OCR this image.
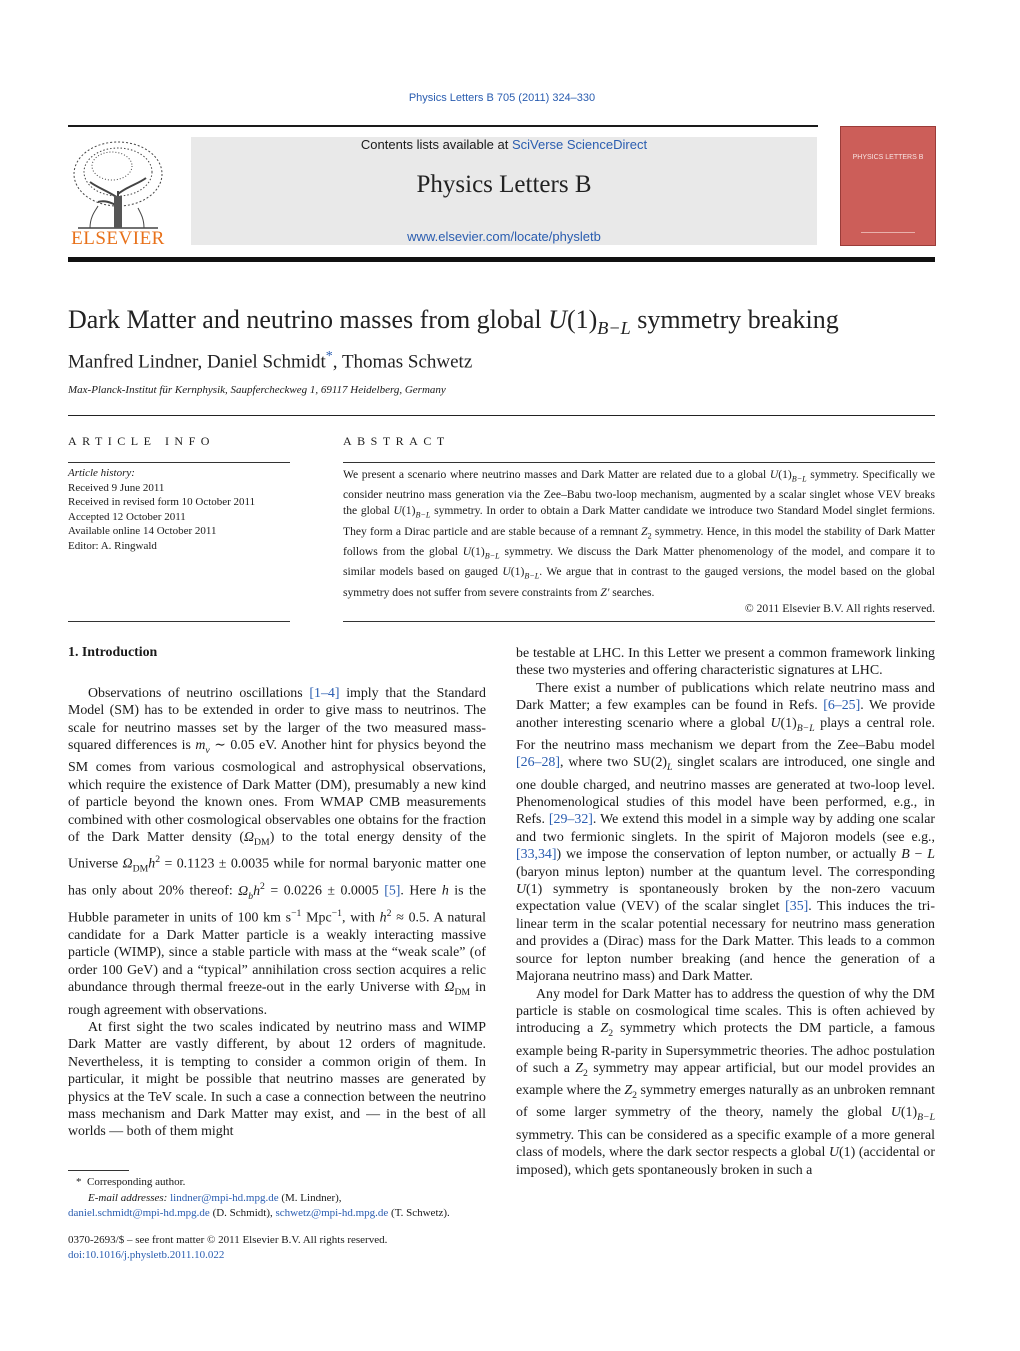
Physics Letters B 705 (2011) 324–330
ELSEVIER
Contents lists available at SciVerse ScienceDirect
Physics Letters B
www.elsevier.com/locate/physletb
PHYSICS LETTERS B
Dark Matter and neutrino masses from global $U(1)_{B-L}$ symmetry breaking
Manfred Lindner, Daniel Schmidt*, Thomas Schwetz
Max-Planck-Institut für Kernphysik, Saupfercheckweg 1, 69117 Heidelberg, Germany
ARTICLE INFO	ABSTRACT
Article history:
Received 9 June 2011
Received in revised form 10 October 2011
Accepted 12 October 2011
Available online 14 October 2011
Editor: A. Ringwald
We present a scenario where neutrino masses and Dark Matter are related due to a global $U(1)_{B-L}$ symmetry. Specifically we consider neutrino mass generation via the Zee–Babu two-loop mechanism, augmented by a scalar singlet whose VEV breaks the global $U(1)_{B-L}$ symmetry. In order to obtain a Dark Matter candidate we introduce two Standard Model singlet fermions. They form a Dirac particle and are stable because of a remnant $Z_2$ symmetry. Hence, in this model the stability of Dark Matter follows from the global $U(1)_{B-L}$ symmetry. We discuss the Dark Matter phenomenology of the model, and compare it to similar models based on gauged $U(1)_{B-L}$. We argue that in contrast to the gauged versions, the model based on the global symmetry does not suffer from severe constraints from Z′ searches.
© 2011 Elsevier B.V. All rights reserved.
1. Introduction

Observations of neutrino oscillations [1–4] imply that the Standard Model (SM) has to be extended in order to give mass to neutrinos. The scale for neutrino masses set by the larger of the two measured mass-squared differences is $m_\nu$ ∼ 0.05 eV. Another hint for physics beyond the SM comes from various cosmological and astrophysical observations, which require the existence of Dark Matter (DM), presumably a new kind of particle beyond the known ones. From WMAP CMB measurements combined with other cosmological observables one obtains for the fraction of the Dark Matter density $(\Omega_{DM})$ to the total energy density of the Universe $\Omega_{DM}h^2 = 0.1123 \pm 0.0035$ while for normal baryonic matter one has only about 20% thereof: $\Omega_bh^2 = 0.0226 \pm 0.0005$ [5]. Here h is the Hubble parameter in units of 100 km $s^{-1}$ Mpc$^{-1}$, with $h^2 \approx 0.5$. A natural candidate for a Dark Matter particle is a weakly interacting massive particle (WIMP), since a stable particle with mass at the “weak scale” (of order 100 GeV) and a “typical” annihilation cross section acquires a relic abundance through thermal freeze-out in the early Universe with $\Omega_{DM}$ in rough agreement with observations.

At first sight the two scales indicated by neutrino mass and WIMP Dark Matter are vastly different, by about 12 orders of magnitude. Nevertheless, it is tempting to consider a common origin of them. In particular, it might be possible that neutrino masses are generated by physics at the TeV scale. In such a case a connection between the neutrino mass mechanism and Dark Matter may exist, and — in the best of all worlds — both of them might

be testable at LHC. In this Letter we present a common framework linking these two mysteries and offering characteristic signatures at LHC.

There exist a number of publications which relate neutrino mass and Dark Matter; a few examples can be found in Refs. [6–25]. We provide another interesting scenario where a global $U(1)_{B-L}$ plays a central role. For the neutrino mass mechanism we depart from the Zee–Babu model [26–28], where two $SU(2)_L$ singlet scalars are introduced, one single and one double charged, and neutrino masses are generated at two-loop level. Phenomenological studies of this model have been performed, e.g., in Refs. [29–32]. We extend this model in a simple way by adding one scalar and two fermionic singlets. In the spirit of Majoron models (see e.g., [33,34]) we impose the conservation of lepton number, or actually B − L (baryon minus lepton) number at the quantum level. The corresponding U(1) symmetry is spontaneously broken by the non-zero vacuum expectation value (VEV) of the scalar singlet [35]. This induces the tri-linear term in the scalar potential necessary for neutrino mass generation and provides a (Dirac) mass for the Dark Matter. This leads to a common source for lepton number breaking (and hence the generation of a Majorana neutrino mass) and Dark Matter.

Any model for Dark Matter has to address the question of why the DM particle is stable on cosmological time scales. This is often achieved by introducing a $Z_2$ symmetry which protects the DM particle, a famous example being R-parity in Supersymmetric theories. The adhoc postulation of such a $Z_2$ symmetry may appear artificial, but our model provides an example where the $Z_2$ symmetry emerges naturally as an unbroken remnant of some larger symmetry of the theory, namely the global $U(1)_{B-L}$ symmetry. This can be considered as a specific example of a more general class of models, where the dark sector respects a global U(1) (accidental or imposed), which gets spontaneously broken in such a

*  Corresponding author.
E-mail addresses: lindner@mpi-hd.mpg.de (M. Lindner),
daniel.schmidt@mpi-hd.mpg.de (D. Schmidt), schwetz@mpi-hd.mpg.de (T. Schwetz).
0370-2693/$ – see front matter © 2011 Elsevier B.V. All rights reserved.
doi:10.1016/j.physletb.2011.10.022
